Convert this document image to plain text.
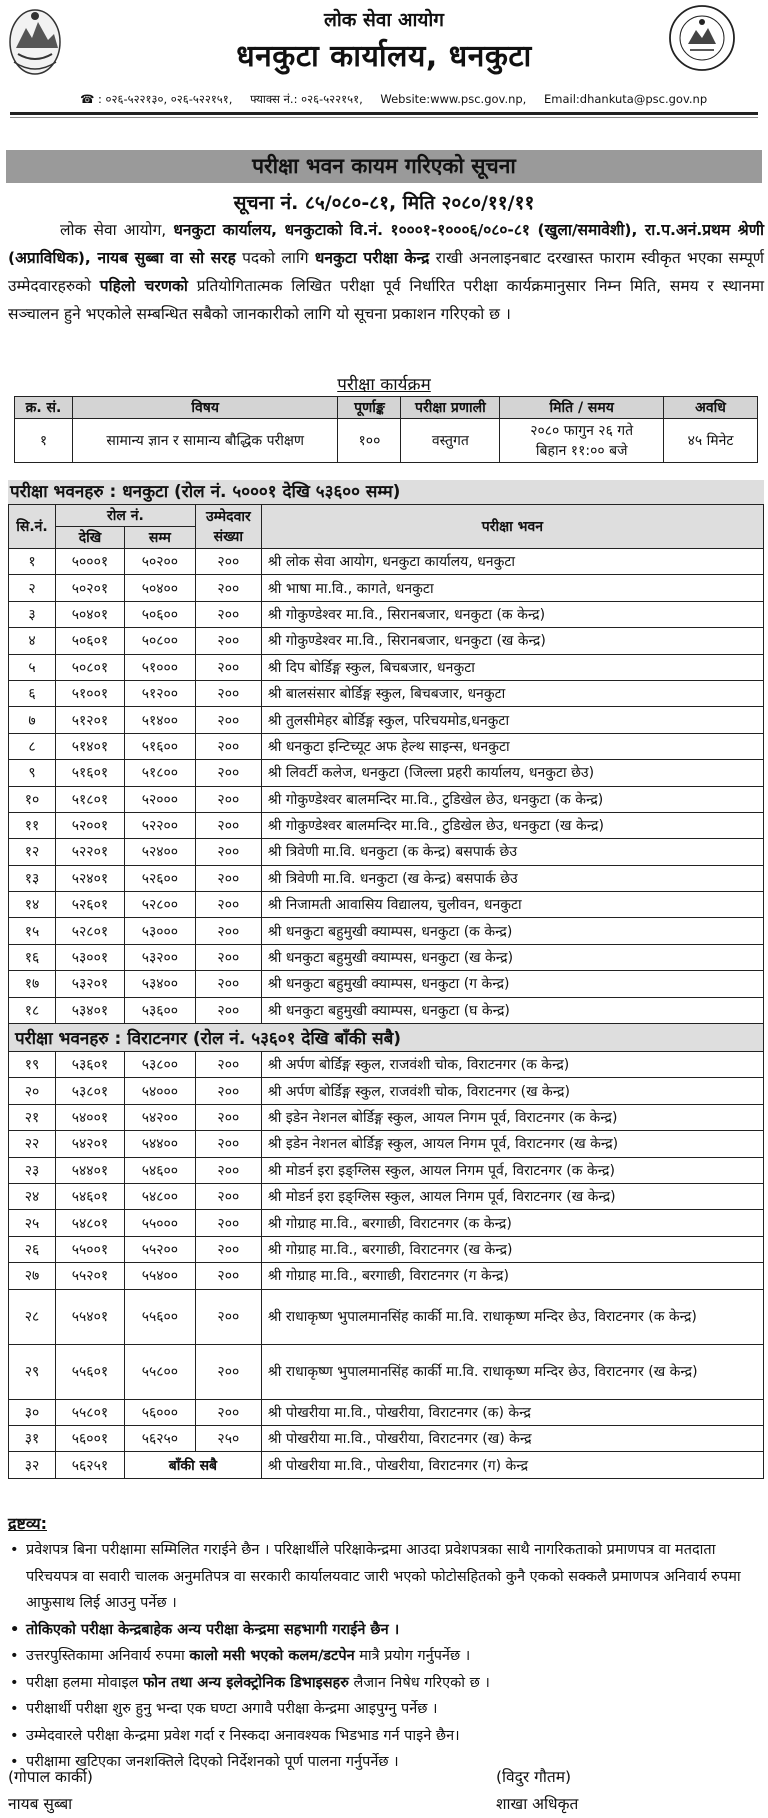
लोक सेवा आयोग
धनकुटा कार्यालय, धनकुटा
☎ : ०२६-५२२१३०, ०२६-५२२१५१, फ्याक्स नं.: ०२६-५२२१५१, Website:www.psc.gov.np, Email:dhankuta@psc.gov.np
परीक्षा भवन कायम गरिएको सूचना
सूचना नं. ८५/०८०-८१, मिति २०८०/११/११

लोक सेवा आयोग, धनकुटा कार्यालय, धनकुटाको वि.नं. १०००१-१०००६/०८०-८१ (खुला/समावेशी), रा.प.अनं.प्रथम श्रेणी (अप्राविधिक), नायब सुब्बा वा सो सरह पदको लागि धनकुटा परीक्षा केन्द्र राखी अनलाइनबाट दरखास्त फाराम स्वीकृत भएका सम्पूर्ण उम्मेदवारहरुको पहिलो चरणको प्रतियोगितात्मक लिखित परीक्षा पूर्व निर्धारित परीक्षा कार्यक्रमानुसार निम्न मिति, समय र स्थानमा सञ्चालन हुने भएकोले सम्बन्धित सबैको जानकारीको लागि यो सूचना प्रकाशन गरिएको छ ।

परीक्षा कार्यक्रम
क्र. सं.	विषय	पूर्णाङ्क	परीक्षा प्रणाली	मिति / समय	अवधि
१	सामान्य ज्ञान र सामान्य बौद्धिक परीक्षण	१००	वस्तुगत	२०८० फागुन २६ गते
बिहान ११:०० बजे	४५ मिनेट
परीक्षा भवनहरु : धनकुटा (रोल नं. ५०००१ देखि ५३६०० सम्म)
सि.नं.	रोल नं.		उम्मेदवार संख्या	परीक्षा भवन
	देखि	सम्म		
१	५०००१	५०२००	२००	श्री लोक सेवा आयोग, धनकुटा कार्यालय, धनकुटा
२	५०२०१	५०४००	२००	श्री भाषा मा.वि., कागते, धनकुटा
३	५०४०१	५०६००	२००	श्री गोकुण्डेश्वर मा.वि., सिरानबजार, धनकुटा (क केन्द्र)
४	५०६०१	५०८००	२००	श्री गोकुण्डेश्वर मा.वि., सिरानबजार, धनकुटा (ख केन्द्र)
५	५०८०१	५१०००	२००	श्री दिप बोर्डिङ्ग स्कुल, बिचबजार, धनकुटा
६	५१००१	५१२००	२००	श्री बालसंसार बोर्डिङ्ग स्कुल, बिचबजार, धनकुटा
७	५१२०१	५१४००	२००	श्री तुलसीमेहर बोर्डिङ्ग स्कुल, परिचयमोड,धनकुटा
८	५१४०१	५१६००	२००	श्री धनकुटा इन्टिच्यूट अफ हेल्थ साइन्स, धनकुटा
९	५१६०१	५१८००	२००	श्री लिवर्टी कलेज, धनकुटा (जिल्ला प्रहरी कार्यालय, धनकुटा छेउ)
१०	५१८०१	५२०००	२००	श्री गोकुण्डेश्वर बालमन्दिर मा.वि., टुडिखेल छेउ, धनकुटा (क केन्द्र)
११	५२००१	५२२००	२००	श्री गोकुण्डेश्वर बालमन्दिर मा.वि., टुडिखेल छेउ, धनकुटा (ख केन्द्र)
१२	५२२०१	५२४००	२००	श्री त्रिवेणी मा.वि. धनकुटा (क केन्द्र) बसपार्क छेउ
१३	५२४०१	५२६००	२००	श्री त्रिवेणी मा.वि. धनकुटा (ख केन्द्र) बसपार्क छेउ
१४	५२६०१	५२८००	२००	श्री निजामती आवासिय विद्यालय, चुलीवन, धनकुटा
१५	५२८०१	५३०००	२००	श्री धनकुटा बहुमुखी क्याम्पस, धनकुटा (क केन्द्र)
१६	५३००१	५३२००	२००	श्री धनकुटा बहुमुखी क्याम्पस, धनकुटा (ख केन्द्र)
१७	५३२०१	५३४००	२००	श्री धनकुटा बहुमुखी क्याम्पस, धनकुटा (ग केन्द्र)
१८	५३४०१	५३६००	२००	श्री धनकुटा बहुमुखी क्याम्पस, धनकुटा (घ केन्द्र)
परीक्षा भवनहरु : विराटनगर (रोल नं. ५३६०१ देखि बाँकी सबै)				
१९	५३६०१	५३८००	२००	श्री अर्पण बोर्डिङ्ग स्कुल, राजवंशी चोक, विराटनगर (क केन्द्र)
२०	५३८०१	५४०००	२००	श्री अर्पण बोर्डिङ्ग स्कुल, राजवंशी चोक, विराटनगर (ख केन्द्र)
२१	५४००१	५४२००	२००	श्री इडेन नेशनल बोर्डिङ्ग स्कुल, आयल निगम पूर्व, विराटनगर (क केन्द्र)
२२	५४२०१	५४४००	२००	श्री इडेन नेशनल बोर्डिङ्ग स्कुल, आयल निगम पूर्व, विराटनगर (ख केन्द्र)
२३	५४४०१	५४६००	२००	श्री मोडर्न इरा इङ्ग्लिस स्कुल, आयल निगम पूर्व, विराटनगर (क केन्द्र)
२४	५४६०१	५४८००	२००	श्री मोडर्न इरा इङ्ग्लिस स्कुल, आयल निगम पूर्व, विराटनगर (ख केन्द्र)
२५	५४८०१	५५०००	२००	श्री गोग्राह मा.वि., बरगाछी, विराटनगर (क केन्द्र)
२६	५५००१	५५२००	२००	श्री गोग्राह मा.वि., बरगाछी, विराटनगर (ख केन्द्र)
२७	५५२०१	५५४००	२००	श्री गोग्राह मा.वि., बरगाछी, विराटनगर (ग केन्द्र)
२८	५५४०१	५५६००	२००	श्री राधाकृष्ण भुपालमानसिंह कार्की मा.वि. राधाकृष्ण मन्दिर छेउ, विराटनगर (क केन्द्र)
२९	५५६०१	५५८००	२००	श्री राधाकृष्ण भुपालमानसिंह कार्की मा.वि. राधाकृष्ण मन्दिर छेउ, विराटनगर (ख केन्द्र)
३०	५५८०१	५६०००	२००	श्री पोखरीया मा.वि., पोखरीया, विराटनगर (क) केन्द्र
३१	५६००१	५६२५०	२५०	श्री पोखरीया मा.वि., पोखरीया, विराटनगर (ख) केन्द्र
३२	५६२५१	बाँकी सबै		श्री पोखरीया मा.वि., पोखरीया, विराटनगर (ग) केन्द्र
द्रष्टव्य:
• प्रवेशपत्र बिना परीक्षामा सम्मिलित गराईने छैन । परिक्षार्थीले परिक्षाकेन्द्रमा आउदा प्रवेशपत्रका साथै नागरिकताको प्रमाणपत्र वा मतदाता परिचयपत्र वा सवारी चालक अनुमतिपत्र वा सरकारी कार्यालयवाट जारी भएको फोटोसहितको कुनै एकको सक्कलै प्रमाणपत्र अनिवार्य रुपमा आफुसाथ लिई आउनु पर्नेछ ।
• तोकिएको परीक्षा केन्द्रबाहेक अन्य परीक्षा केन्द्रमा सहभागी गराईने छैन ।
• उत्तरपुस्तिकामा अनिवार्य रुपमा कालो मसी भएको कलम/डटपेन मात्रै प्रयोग गर्नुपर्नेछ ।
• परीक्षा हलमा मोवाइल फोन तथा अन्य इलेक्ट्रोनिक डिभाइसहरु लैजान निषेध गरिएको छ ।
• परीक्षार्थी परीक्षा शुरु हुनु भन्दा एक घण्टा अगावै परीक्षा केन्द्रमा आइपुग्नु पर्नेछ ।
• उम्मेदवारले परीक्षा केन्द्रमा प्रवेश गर्दा र निस्कदा अनावश्यक भिडभाड गर्न पाइने छैन।
• परीक्षामा खटिएका जनशक्तिले दिएको निर्देशनको पूर्ण पालना गर्नुपर्नेछ ।
(गोपाल कार्की)
नायब सुब्बा
(विदुर गौतम)
शाखा अधिकृत
